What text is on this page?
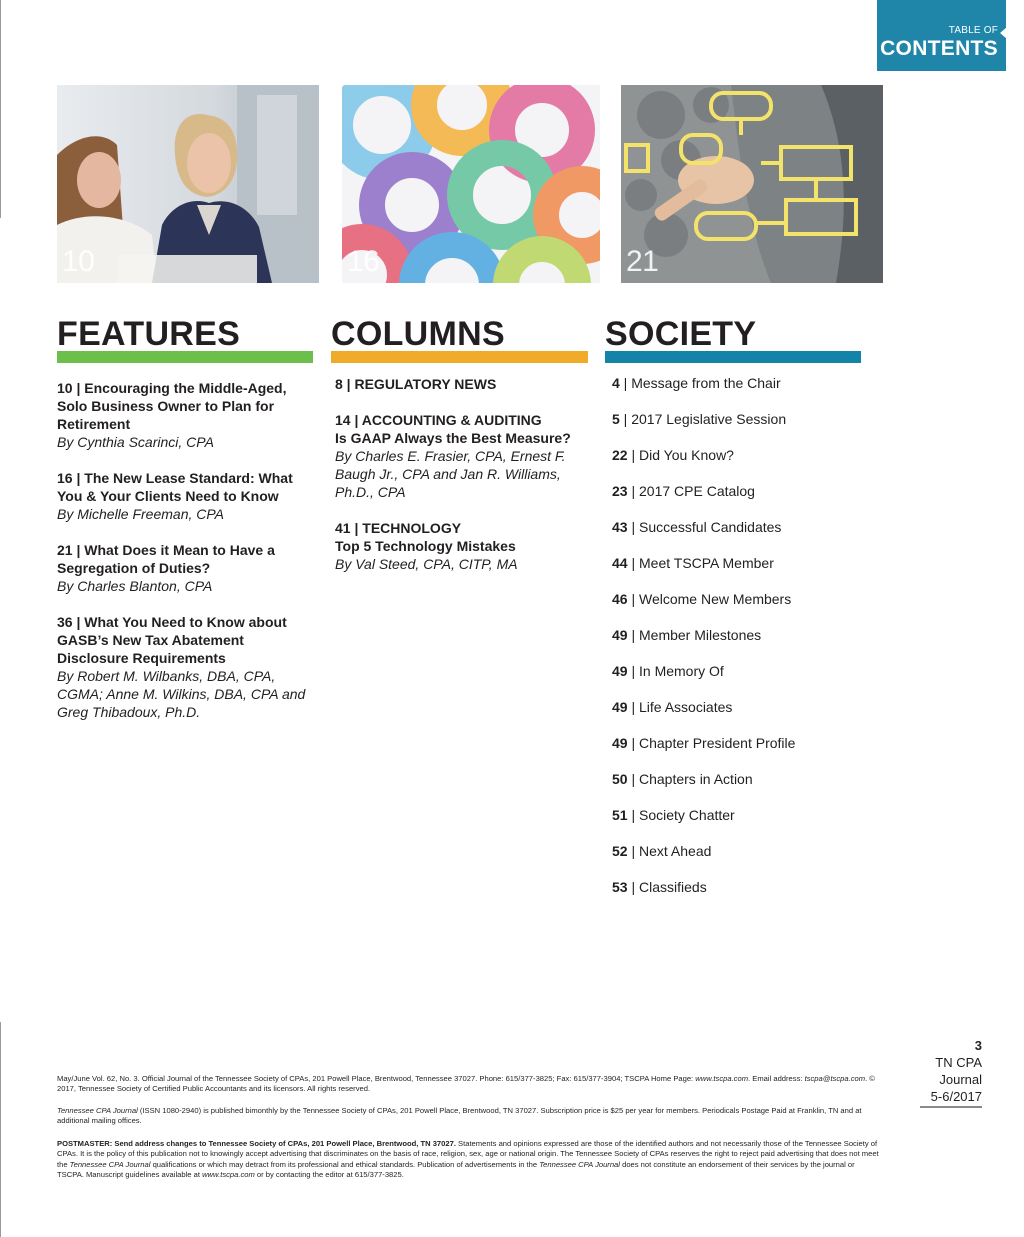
TABLE OF
CONTENTS
10	16	21
FEATURES
10 | Encouraging the Middle-Aged, Solo Business Owner to Plan for Retirement
By Cynthia Scarinci, CPA
16 | The New Lease Standard: What You & Your Clients Need to Know
By Michelle Freeman, CPA
21 | What Does it Mean to Have a Segregation of Duties?
By Charles Blanton, CPA
36 | What You Need to Know about GASB’s New Tax Abatement Disclosure Requirements
By Robert M. Wilbanks, DBA, CPA, CGMA; Anne M. Wilkins, DBA, CPA and Greg Thibadoux, Ph.D.
COLUMNS
8 | REGULATORY NEWS
14 | ACCOUNTING & AUDITING
Is GAAP Always the Best Measure?
By Charles E. Frasier, CPA, Ernest F. Baugh Jr., CPA and Jan R. Williams, Ph.D., CPA
41 | TECHNOLOGY
Top 5 Technology Mistakes
By Val Steed, CPA, CITP, MA
SOCIETY
4 | Message from the Chair
5 | 2017 Legislative Session
22 | Did You Know?
23 | 2017 CPE Catalog
43 | Successful Candidates
44 | Meet TSCPA Member
46 | Welcome New Members
49 | Member Milestones
49 | In Memory Of
49 | Life Associates
49 | Chapter President Profile
50 | Chapters in Action
51 | Society Chatter
52 | Next Ahead
53 | Classifieds
3
TN CPA
Journal
5-6/2017
May/June Vol. 62, No. 3. Official Journal of the Tennessee Society of CPAs, 201 Powell Place, Brentwood, Tennessee 37027. Phone: 615/377-3825; Fax: 615/377-3904; TSCPA Home Page: www.tscpa.com. Email address: tscpa@tscpa.com. © 2017, Tennessee Society of Certified Public Accountants and its licensors. All rights reserved.
Tennessee CPA Journal (ISSN 1080-2940) is published bimonthly by the Tennessee Society of CPAs, 201 Powell Place, Brentwood, TN 37027. Subscription price is $25 per year for members. Periodicals Postage Paid at Franklin, TN and at additional mailing offices.
POSTMASTER: Send address changes to Tennessee Society of CPAs, 201 Powell Place, Brentwood, TN 37027. Statements and opinions expressed are those of the identified authors and not necessarily those of the Tennessee Society of CPAs. It is the policy of this publication not to knowingly accept advertising that discriminates on the basis of race, religion, sex, age or national origin. The Tennessee Society of CPAs reserves the right to reject paid advertising that does not meet the Tennessee CPA Journal qualifications or which may detract from its professional and ethical standards. Publication of advertisements in the Tennessee CPA Journal does not constitute an endorsement of their services by the journal or TSCPA. Manuscript guidelines available at www.tscpa.com or by contacting the editor at 615/377-3825.
